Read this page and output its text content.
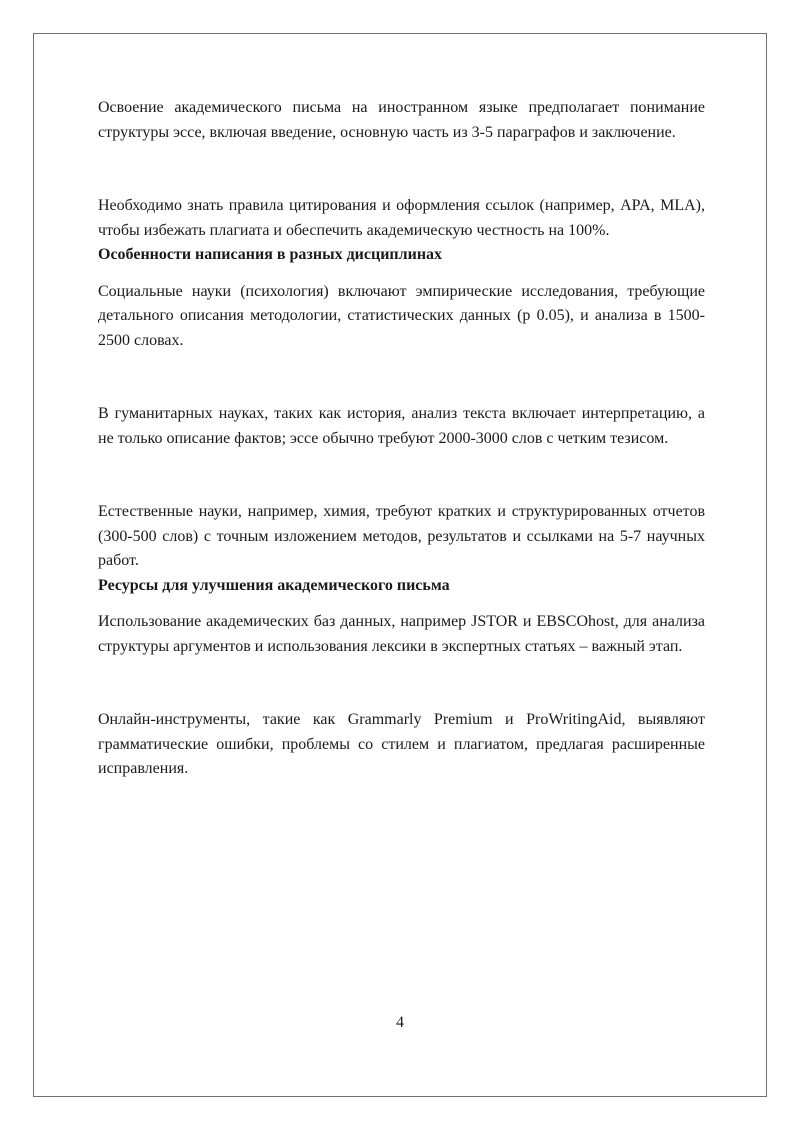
Освоение академического письма на иностранном языке предполагает понимание структуры эссе, включая введение, основную часть из 3-5 параграфов и заключение.

Необходимо знать правила цитирования и оформления ссылок (например, APA, MLA), чтобы избежать плагиата и обеспечить академическую честность на 100%.

Особенности написания в разных дисциплинах

Социальные науки (психология) включают эмпирические исследования, требующие детального описания методологии, статистических данных (p 0.05), и анализа в 1500-2500 словах.

В гуманитарных науках, таких как история, анализ текста включает интерпретацию, а не только описание фактов; эссе обычно требуют 2000-3000 слов с четким тезисом.

Естественные науки, например, химия, требуют кратких и структурированных отчетов (300-500 слов) с точным изложением методов, результатов и ссылками на 5-7 научных работ.

Ресурсы для улучшения академического письма

Использование академических баз данных, например JSTOR и EBSCOhost, для анализа структуры аргументов и использования лексики в экспертных статьях – важный этап.

Онлайн-инструменты, такие как Grammarly Premium и ProWritingAid, выявляют грамматические ошибки, проблемы со стилем и плагиатом, предлагая расширенные исправления.

4
